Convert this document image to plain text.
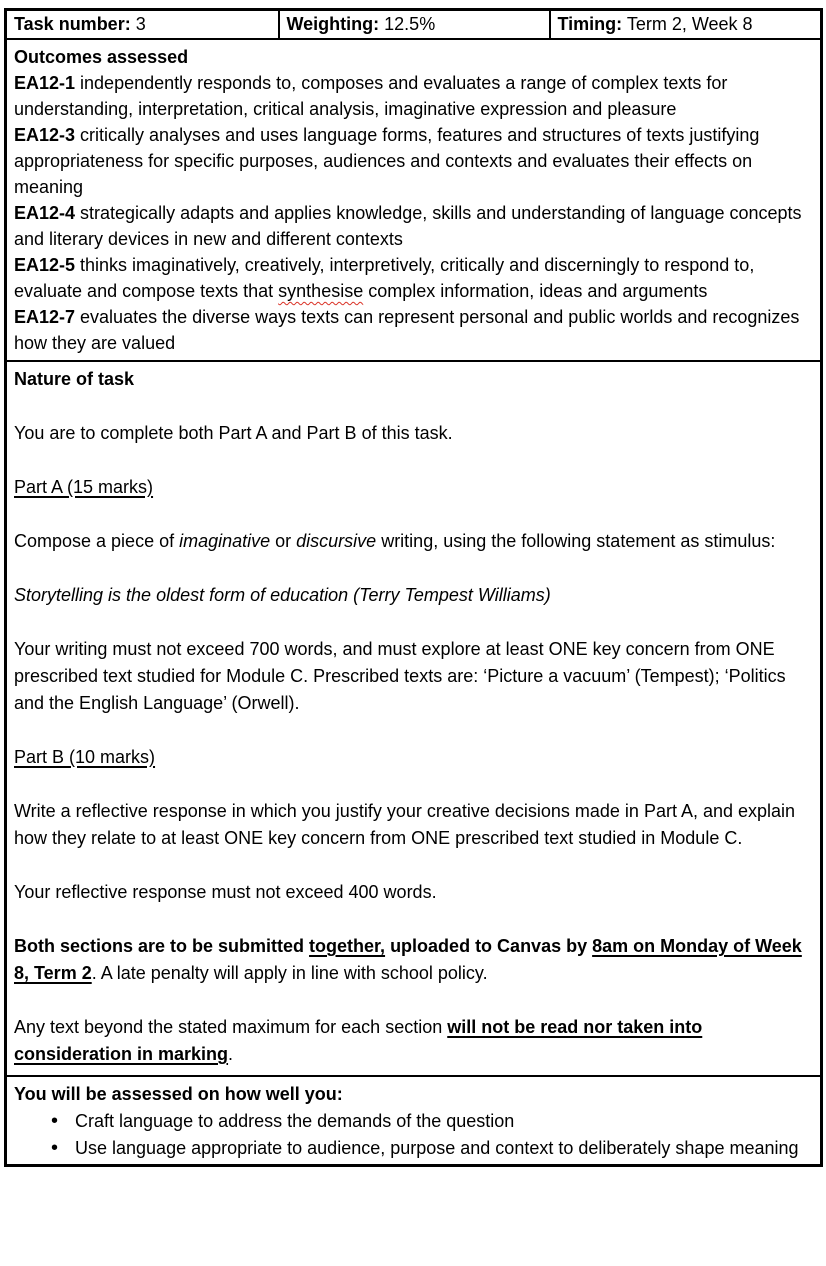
Task number: 3	Weighting: 12.5%	Timing: Term 2, Week 8

Outcomes assessed
EA12-1 independently responds to, composes and evaluates a range of complex texts for understanding, interpretation, critical analysis, imaginative expression and pleasure
EA12-3 critically analyses and uses language forms, features and structures of texts justifying appropriateness for specific purposes, audiences and contexts and evaluates their effects on meaning
EA12-4 strategically adapts and applies knowledge, skills and understanding of language concepts and literary devices in new and different contexts
EA12-5 thinks imaginatively, creatively, interpretively, critically and discerningly to respond to, evaluate and compose texts that synthesise complex information, ideas and arguments
EA12-7 evaluates the diverse ways texts can represent personal and public worlds and recognizes how they are valued

Nature of task
You are to complete both Part A and Part B of this task.
Part A (15 marks)
Compose a piece of imaginative or discursive writing, using the following statement as stimulus:
Storytelling is the oldest form of education (Terry Tempest Williams)
Your writing must not exceed 700 words, and must explore at least ONE key concern from ONE prescribed text studied for Module C. Prescribed texts are: ‘Picture a vacuum’ (Tempest); ‘Politics and the English Language’ (Orwell).
Part B (10 marks)
Write a reflective response in which you justify your creative decisions made in Part A, and explain how they relate to at least ONE key concern from ONE prescribed text studied in Module C.
Your reflective response must not exceed 400 words.
Both sections are to be submitted together, uploaded to Canvas by 8am on Monday of Week 8, Term 2. A late penalty will apply in line with school policy.
Any text beyond the stated maximum for each section will not be read nor taken into consideration in marking.

You will be assessed on how well you:
• Craft language to address the demands of the question
• Use language appropriate to audience, purpose and context to deliberately shape meaning
